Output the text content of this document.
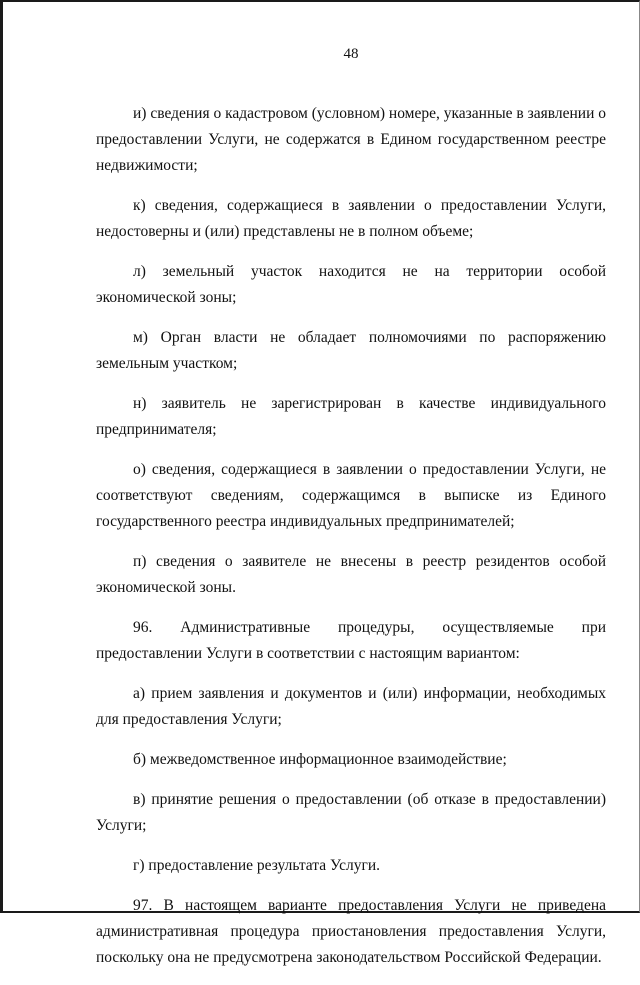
48

и) сведения о кадастровом (условном) номере, указанные в заявлении о предоставлении Услуги, не содержатся в Едином государственном реестре недвижимости;

к) сведения, содержащиеся в заявлении о предоставлении Услуги, недостоверны и (или) представлены не в полном объеме;

л) земельный участок находится не на территории особой экономической зоны;

м) Орган власти не обладает полномочиями по распоряжению земельным участком;

н) заявитель не зарегистрирован в качестве индивидуального предпринимателя;

о) сведения, содержащиеся в заявлении о предоставлении Услуги, не соответствуют сведениям, содержащимся в выписке из Единого государственного реестра индивидуальных предпринимателей;

п) сведения о заявителе не внесены в реестр резидентов особой экономической зоны.

96. Административные процедуры, осуществляемые при предоставлении Услуги в соответствии с настоящим вариантом:

а) прием заявления и документов и (или) информации, необходимых для предоставления Услуги;

б) межведомственное информационное взаимодействие;

в) принятие решения о предоставлении (об отказе в предоставлении) Услуги;

г) предоставление результата Услуги.

97. В настоящем варианте предоставления Услуги не приведена административная процедура приостановления предоставления Услуги, поскольку она не предусмотрена законодательством Российской Федерации.
